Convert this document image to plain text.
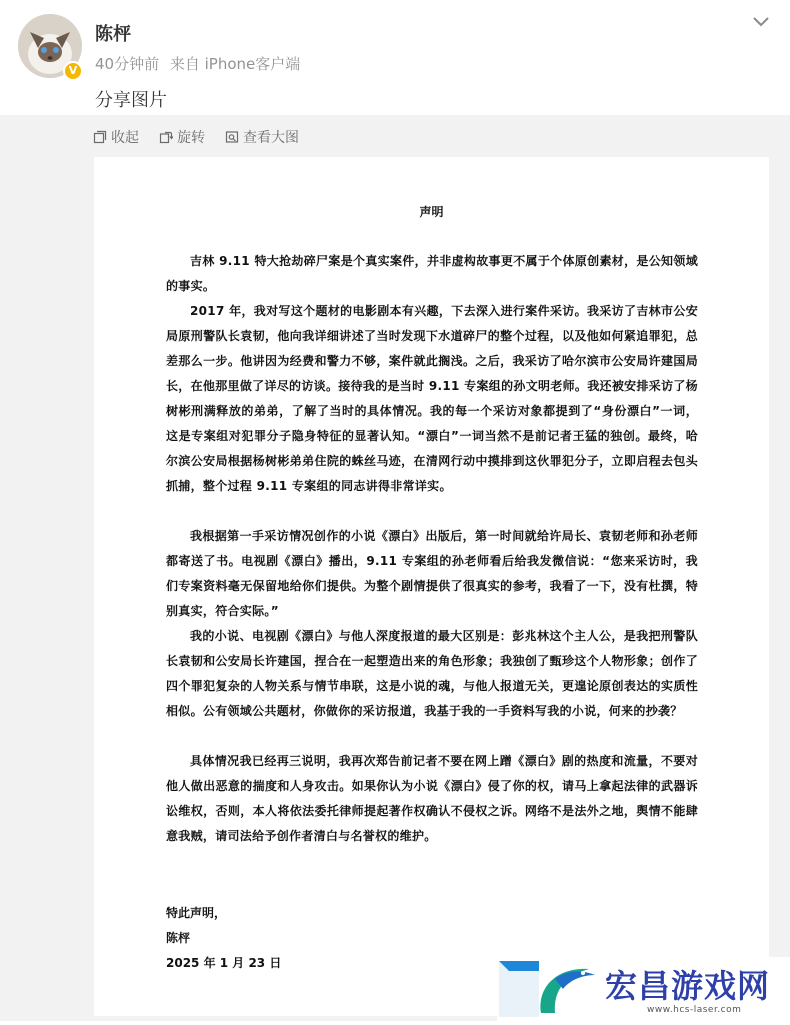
V
陈枰
40分钟前 来自 iPhone客户端
分享图片
收起	旋转	查看大图
声明

吉林 9.11 特大抢劫碎尸案是个真实案件，并非虚构故事更不属于个体原创素材，是公知领域的事实。

2017 年，我对写这个题材的电影剧本有兴趣，下去深入进行案件采访。我采访了吉林市公安局原刑警队长袁韧，他向我详细讲述了当时发现下水道碎尸的整个过程，以及他如何紧追罪犯，总差那么一步。他讲因为经费和警力不够，案件就此搁浅。之后，我采访了哈尔滨市公安局许建国局长，在他那里做了详尽的访谈。接待我的是当时 9.11 专案组的孙文明老师。我还被安排采访了杨树彬刑满释放的弟弟，了解了当时的具体情况。我的每一个采访对象都提到了“身份漂白”一词，这是专案组对犯罪分子隐身特征的显著认知。“漂白”一词当然不是前记者王猛的独创。最终，哈尔滨公安局根据杨树彬弟弟住院的蛛丝马迹，在清网行动中摸排到这伙罪犯分子，立即启程去包头抓捕，整个过程 9.11 专案组的同志讲得非常详实。

我根据第一手采访情况创作的小说《漂白》出版后，第一时间就给许局长、袁韧老师和孙老师都寄送了书。电视剧《漂白》播出，9.11 专案组的孙老师看后给我发微信说：“您来采访时，我们专案资料毫无保留地给你们提供。为整个剧情提供了很真实的参考，我看了一下，没有杜撰，特别真实，符合实际。”

我的小说、电视剧《漂白》与他人深度报道的最大区别是：彭兆林这个主人公，是我把刑警队长袁韧和公安局长许建国，捏合在一起塑造出来的角色形象；我独创了甄珍这个人物形象；创作了四个罪犯复杂的人物关系与情节串联，这是小说的魂，与他人报道无关，更遑论原创表达的实质性相似。公有领域公共题材，你做你的采访报道，我基于我的一手资料写我的小说，何来的抄袭？

具体情况我已经再三说明，我再次郑告前记者不要在网上蹭《漂白》剧的热度和流量，不要对他人做出恶意的揣度和人身攻击。如果你认为小说《漂白》侵了你的权，请马上拿起法律的武器诉讼维权，否则，本人将依法委托律师提起著作权确认不侵权之诉。网络不是法外之地，舆情不能肆意我贼，请司法给予创作者清白与名誉权的维护。

特此声明，
陈枰
2025 年 1 月 23 日
宏昌游戏网
www.hcs-laser.com
